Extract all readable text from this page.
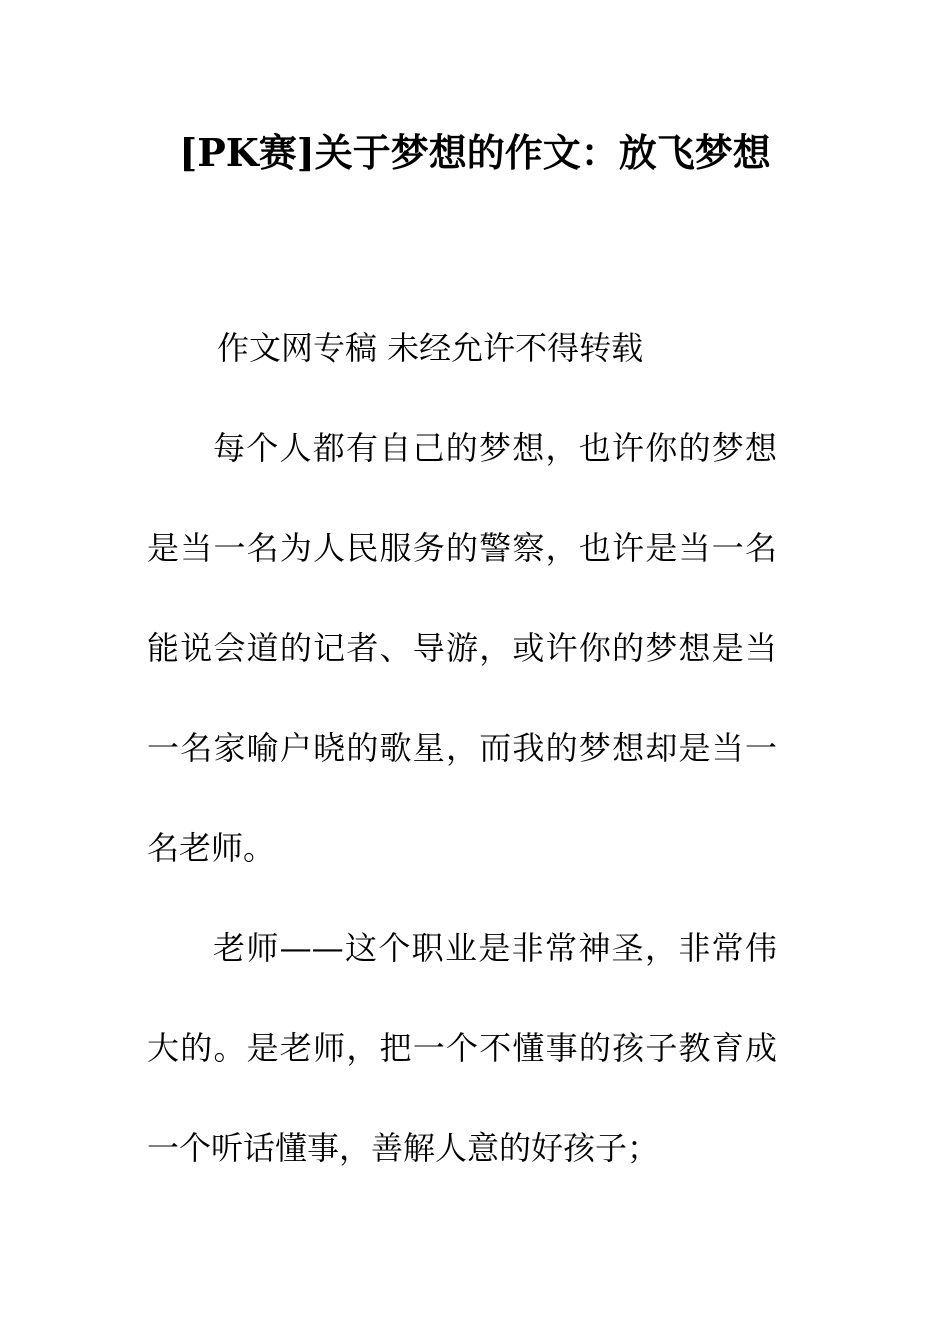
[PK赛]关于梦想的作文：放飞梦想

作文网专稿 未经允许不得转载

每个人都有自己的梦想，也许你的梦想是当一名为人民服务的警察，也许是当一名能说会道的记者、导游，或许你的梦想是当一名家喻户晓的歌星，而我的梦想却是当一名老师。

老师——这个职业是非常神圣，非常伟大的。是老师，把一个不懂事的孩子教育成一个听话懂事，善解人意的好孩子；
